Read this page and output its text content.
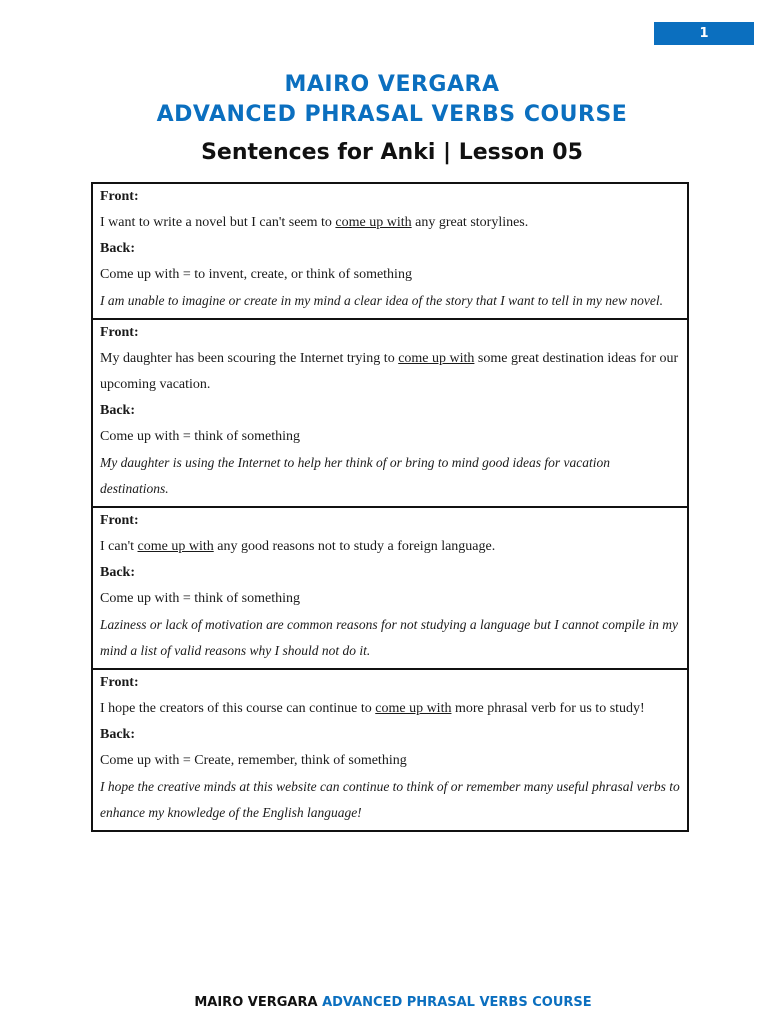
1
MAIRO VERGARA
ADVANCED PHRASAL VERBS COURSE
Sentences for Anki | Lesson 05
Front:
I want to write a novel but I can't seem to come up with any great storylines.
Back:
Come up with = to invent, create, or think of something
I am unable to imagine or create in my mind a clear idea of the story that I want to tell in my new novel.
Front:
My daughter has been scouring the Internet trying to come up with some great destination ideas for our upcoming vacation.
Back:
Come up with = think of something
My daughter is using the Internet to help her think of or bring to mind good ideas for vacation destinations.
Front:
I can't come up with any good reasons not to study a foreign language.
Back:
Come up with = think of something
Laziness or lack of motivation are common reasons for not studying a language but I cannot compile in my mind a list of valid reasons why I should not do it.
Front:
I hope the creators of this course can continue to come up with more phrasal verb for us to study!
Back:
Come up with = Create, remember, think of something
I hope the creative minds at this website can continue to think of or remember many useful phrasal verbs to enhance my knowledge of the English language!
MAIRO VERGARA ADVANCED PHRASAL VERBS COURSE
